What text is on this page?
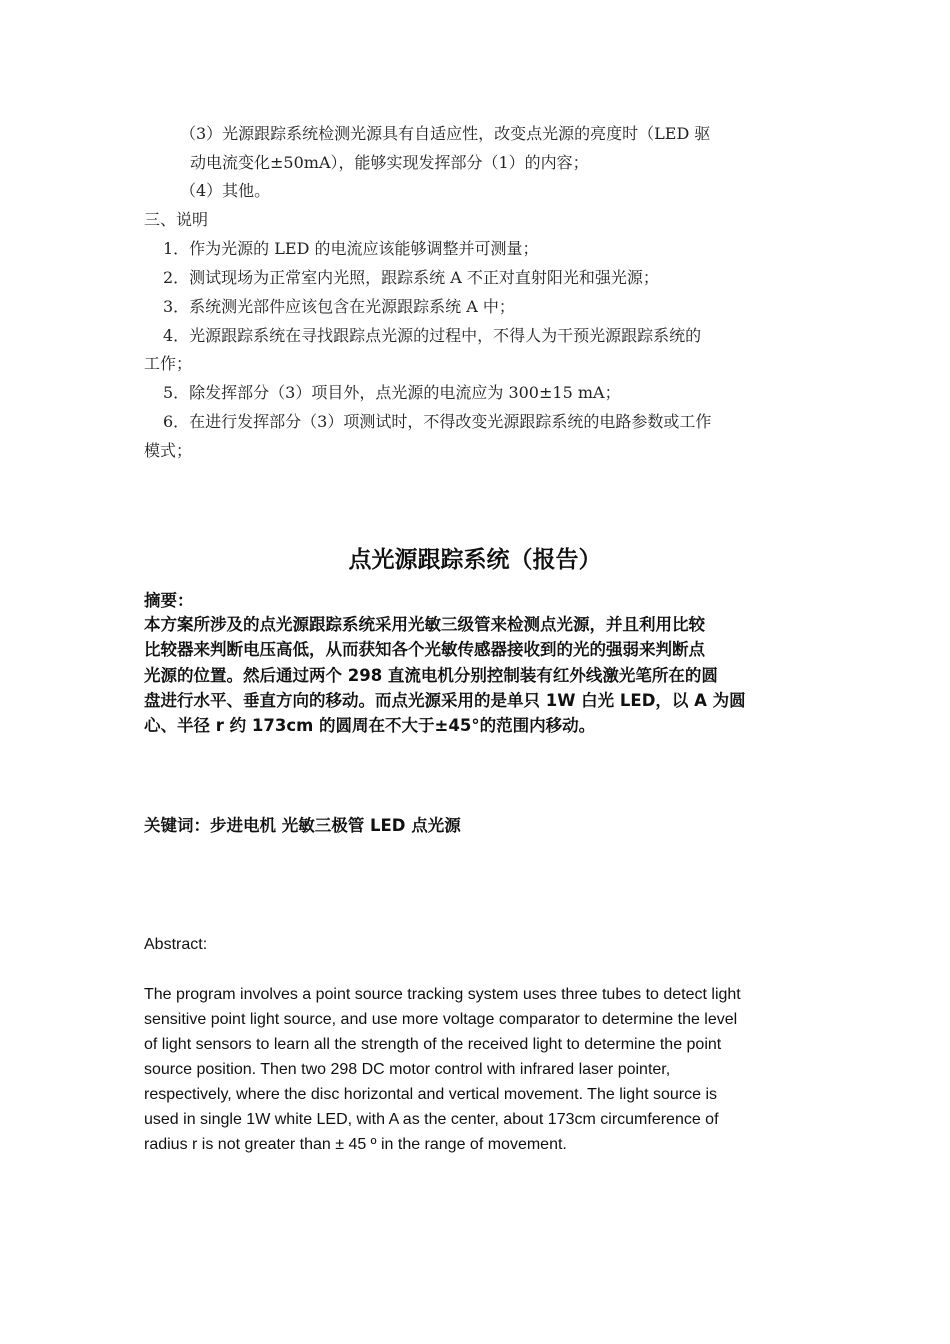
（3）光源跟踪系统检测光源具有自适应性，改变点光源的亮度时（LED 驱
动电流变化±50mA），能够实现发挥部分（1）的内容；
（4）其他。
三、说明
1．作为光源的 LED 的电流应该能够调整并可测量；
2．测试现场为正常室内光照，跟踪系统 A 不正对直射阳光和强光源；
3．系统测光部件应该包含在光源跟踪系统 A 中；
4．光源跟踪系统在寻找跟踪点光源的过程中，不得人为干预光源跟踪系统的
工作；
5．除发挥部分（3）项目外，点光源的电流应为 300±15 mA；
6．在进行发挥部分（3）项测试时，不得改变光源跟踪系统的电路参数或工作
模式；
点光源跟踪系统（报告）
摘要：
本方案所涉及的点光源跟踪系统采用光敏三级管来检测点光源，并且利用比较
比较器来判断电压高低，从而获知各个光敏传感器接收到的光的强弱来判断点
光源的位置。然后通过两个 298 直流电机分别控制装有红外线激光笔所在的圆
盘进行水平、垂直方向的移动。而点光源采用的是单只 1W 白光 LED，以 A 为圆
心、半径 r 约 173cm 的圆周在不大于±45°的范围内移动。
关键词：步进电机 光敏三极管 LED 点光源
Abstract:
The program involves a point source tracking system uses three tubes to detect light
sensitive point light source, and use more voltage comparator to determine the level
of light sensors to learn all the strength of the received light to determine the point
source position. Then two 298 DC motor control with infrared laser pointer,
respectively, where the disc horizontal and vertical movement. The light source is
used in single 1W white LED, with A as the center, about 173cm circumference of
radius r is not greater than ± 45 º in the range of movement.
